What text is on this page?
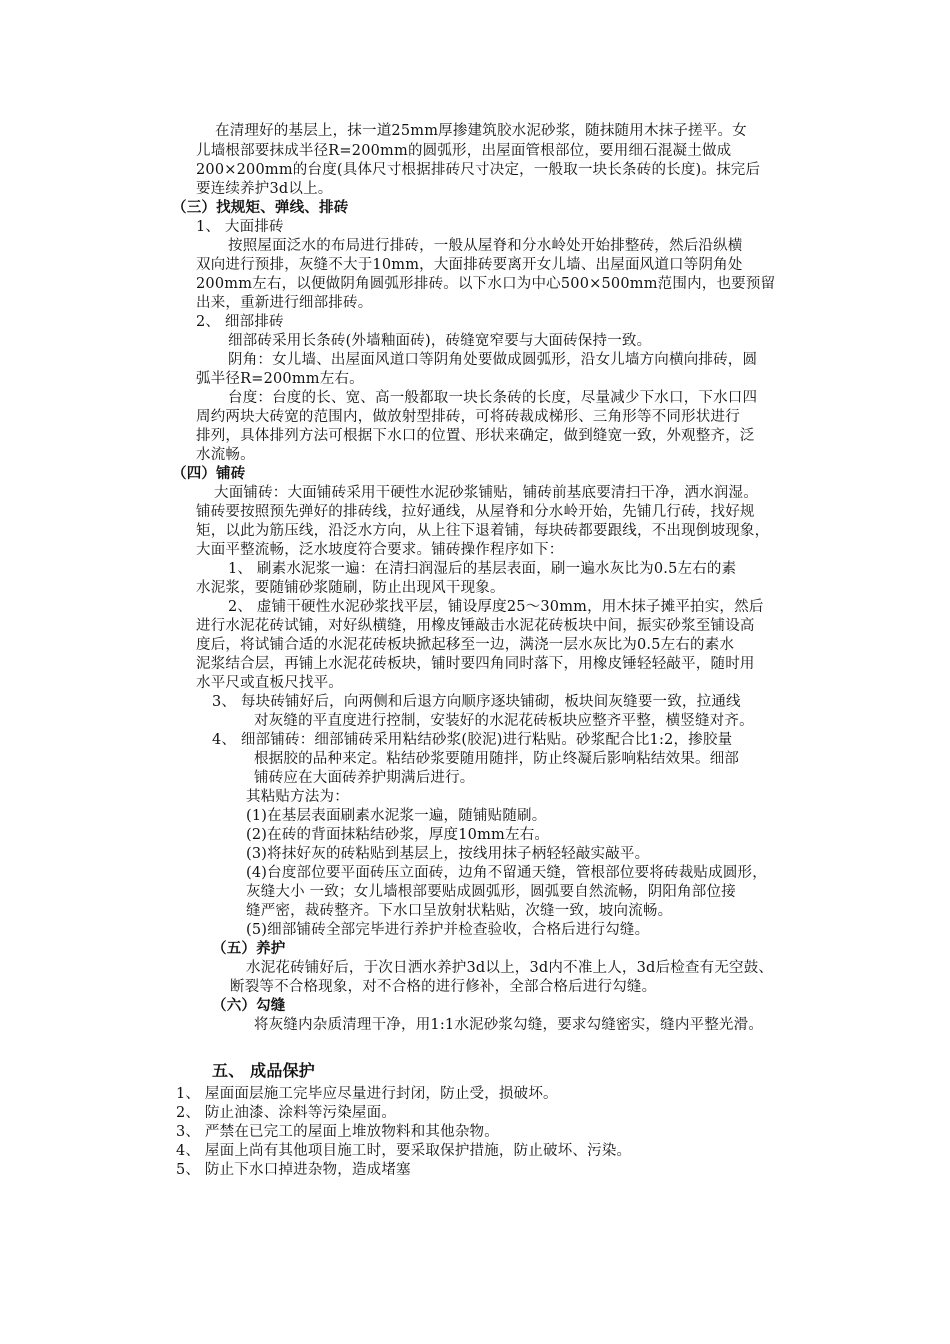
在清理好的基层上，抹一道25mm厚掺建筑胶水泥砂浆，随抹随用木抹子搓平。女
儿墙根部要抹成半径R=200mm的圆弧形，出屋面管根部位，要用细石混凝土做成
200×200mm的台度(具体尺寸根据排砖尺寸决定，一般取一块长条砖的长度)。抹完后
要连续养护3d以上。
（三）找规矩、弹线、排砖
1、 大面排砖
按照屋面泛水的布局进行排砖，一般从屋脊和分水岭处开始排整砖，然后沿纵横
双向进行预排，灰缝不大于10mm，大面排砖要离开女儿墙、出屋面风道口等阴角处
200mm左右，以便做阴角圆弧形排砖。以下水口为中心500×500mm范围内，也要预留
出来，重新进行细部排砖。
2、 细部排砖
细部砖采用长条砖(外墙釉面砖)，砖缝宽窄要与大面砖保持一致。
阴角：女儿墙、出屋面风道口等阴角处要做成圆弧形，沿女儿墙方向横向排砖，圆
弧半径R=200mm左右。
台度：台度的长、宽、高一般都取一块长条砖的长度，尽量减少下水口，下水口四
周约两块大砖宽的范围内，做放射型排砖，可将砖裁成梯形、三角形等不同形状进行
排列，具体排列方法可根据下水口的位置、形状来确定，做到缝宽一致，外观整齐，泛
水流畅。
（四）铺砖
大面铺砖：大面铺砖采用干硬性水泥砂浆铺贴，铺砖前基底要清扫干净，洒水润湿。
铺砖要按照预先弹好的排砖线，拉好通线，从屋脊和分水岭开始，先铺几行砖，找好规
矩，以此为筋压线，沿泛水方向，从上往下退着铺，每块砖都要跟线，不出现倒坡现象，
大面平整流畅，泛水坡度符合要求。铺砖操作程序如下：
1、 刷素水泥浆一遍：在清扫润湿后的基层表面，刷一遍水灰比为0.5左右的素
水泥浆，要随铺砂浆随刷，防止出现风干现象。
2、 虚铺干硬性水泥砂浆找平层，铺设厚度25～30mm，用木抹子摊平拍实，然后
进行水泥花砖试铺，对好纵横缝，用橡皮锤敲击水泥花砖板块中间，振实砂浆至铺设高
度后，将试铺合适的水泥花砖板块掀起移至一边，满浇一层水灰比为0.5左右的素水
泥浆结合层，再铺上水泥花砖板块，铺时要四角同时落下，用橡皮锤轻轻敲平，随时用
水平尺或直板尺找平。
3、 每块砖铺好后，向两侧和后退方向顺序逐块铺砌，板块间灰缝要一致，拉通线
对灰缝的平直度进行控制，安装好的水泥花砖板块应整齐平整，横竖缝对齐。
4、 细部铺砖：细部铺砖采用粘结砂浆(胶泥)进行粘贴。砂浆配合比1:2，掺胶量
根据胶的品种来定。粘结砂浆要随用随拌，防止终凝后影响粘结效果。细部
铺砖应在大面砖养护期满后进行。
其粘贴方法为：
(1)在基层表面刷素水泥浆一遍，随铺贴随刷。
(2)在砖的背面抹粘结砂浆，厚度10mm左右。
(3)将抹好灰的砖粘贴到基层上，按线用抹子柄轻轻敲实敲平。
(4)台度部位要平面砖压立面砖，边角不留通天缝，管根部位要将砖裁贴成圆形，
灰缝大小 一致；女儿墙根部要贴成圆弧形，圆弧要自然流畅，阴阳角部位接
缝严密，裁砖整齐。下水口呈放射状粘贴，次缝一致，坡向流畅。
(5)细部铺砖全部完毕进行养护并检查验收，合格后进行勾缝。
（五）养护
水泥花砖铺好后，于次日洒水养护3d以上，3d内不准上人，3d后检查有无空鼓、
断裂等不合格现象，对不合格的进行修补，全部合格后进行勾缝。
（六）勾缝
将灰缝内杂质清理干净，用1:1水泥砂浆勾缝，要求勾缝密实，缝内平整光滑。
五、 成品保护
1、 屋面面层施工完毕应尽量进行封闭，防止受，损破坏。
2、 防止油漆、涂料等污染屋面。
3、 严禁在已完工的屋面上堆放物料和其他杂物。
4、 屋面上尚有其他项目施工时，要采取保护措施，防止破坏、污染。
5、 防止下水口掉进杂物，造成堵塞
